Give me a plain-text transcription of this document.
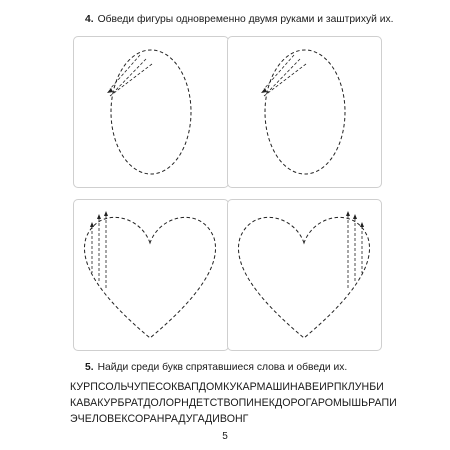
4. Обведи фигуры одновременно двумя руками и заштрихуй их.
5. Найди среди букв спрятавшиеся слова и обведи их.
КУРПСОЛЬЧУПЕСОКВАПДОМКУКАРМАШИНАВЕИРПКЛУНБИ
КАВАКУРБРАТДОЛОРНДЕТСТВОПИНЕКДОРОГАРОМЫШЬРАПИ
ЭЧЕЛОВЕКСОРАНРАДУГАДИВОНГ
5
